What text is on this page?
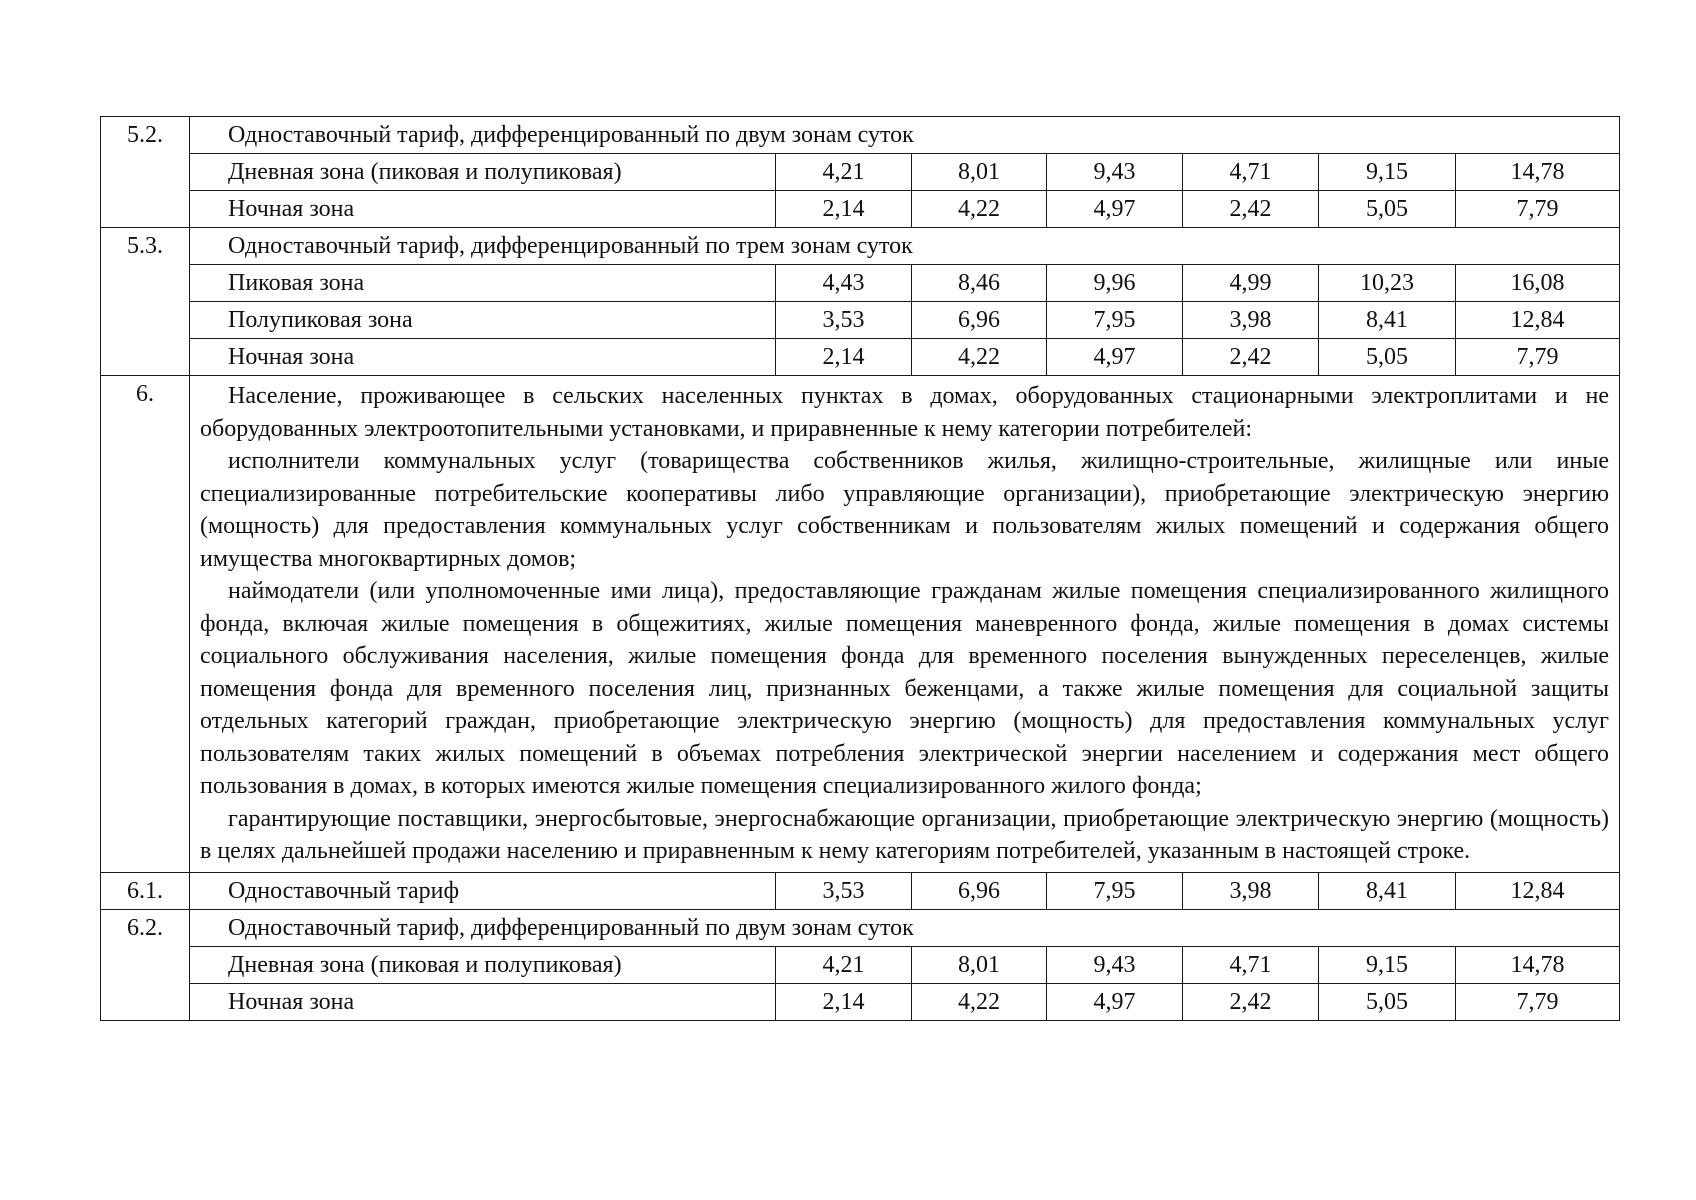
5.2.	Одноставочный тариф, дифференцированный по двум зонам суток						
	Дневная зона (пиковая и полупиковая)	4,21	8,01	9,43	4,71	9,15	14,78
	Ночная зона	2,14	4,22	4,97	2,42	5,05	7,79
5.3.	Одноставочный тариф, дифференцированный по трем зонам суток						
	Пиковая зона	4,43	8,46	9,96	4,99	10,23	16,08
	Полупиковая зона	3,53	6,96	7,95	3,98	8,41	12,84
	Ночная зона	2,14	4,22	4,97	2,42	5,05	7,79
6.	Население, проживающее в сельских населенных пунктах в домах, оборудованных стационарными электроплитами и не оборудованных электроотопительными установками, и приравненные к нему категории потребителей:

исполнители коммунальных услуг (товарищества собственников жилья, жилищно-строительные, жилищные или иные специализированные потребительские кооперативы либо управляющие организации), приобретающие электрическую энергию (мощность) для предоставления коммунальных услуг собственникам и пользователям жилых помещений и содержания общего имущества многоквартирных домов;

наймодатели (или уполномоченные ими лица), предоставляющие гражданам жилые помещения специализированного жилищного фонда, включая жилые помещения в общежитиях, жилые помещения маневренного фонда, жилые помещения в домах системы социального обслуживания населения, жилые помещения фонда для временного поселения вынужденных переселенцев, жилые помещения фонда для временного поселения лиц, признанных беженцами, а также жилые помещения для социальной защиты отдельных категорий граждан, приобретающие электрическую энергию (мощность) для предоставления коммунальных услуг пользователям таких жилых помещений в объемах потребления электрической энергии населением и содержания мест общего пользования в домах, в которых имеются жилые помещения специализированного жилого фонда;

гарантирующие поставщики, энергосбытовые, энергоснабжающие организации, приобретающие электрическую энергию (мощность) в целях дальнейшей продажи населению и приравненным к нему категориям потребителей, указанным в настоящей строке.						

6.1.	Одноставочный тариф	3,53	6,96	7,95	3,98	8,41	12,84
6.2.	Одноставочный тариф, дифференцированный по двум зонам суток						
	Дневная зона (пиковая и полупиковая)	4,21	8,01	9,43	4,71	9,15	14,78
	Ночная зона	2,14	4,22	4,97	2,42	5,05	7,79
